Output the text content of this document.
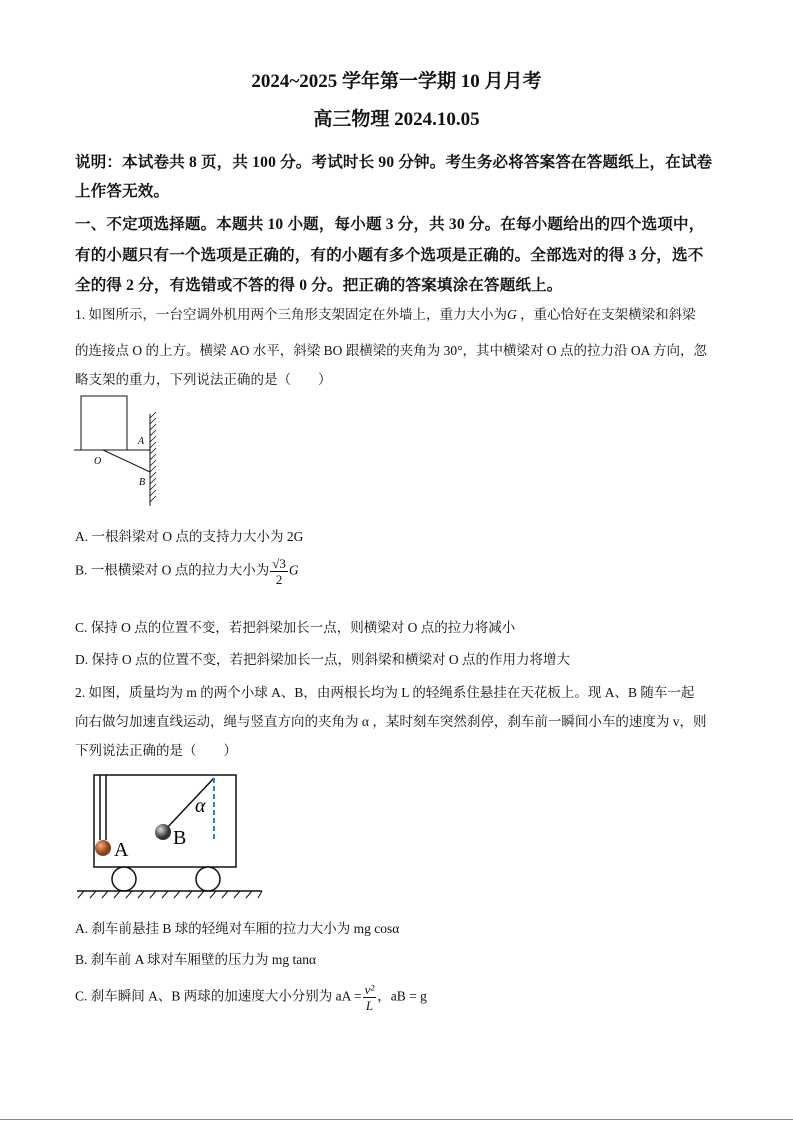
2024~2025 学年第一学期 10 月月考
高三物理 2024.10.05
说明：本试卷共 8 页，共 100 分。考试时长 90 分钟。考生务必将答案答在答题纸上，在试卷
上作答无效。
一、不定项选择题。本题共 10 小题，每小题 3 分，共 30 分。在每小题给出的四个选项中，
有的小题只有一个选项是正确的，有的小题有多个选项是正确的。全部选对的得 3 分，选不
全的得 2 分，有选错或不答的得 0 分。把正确的答案填涂在答题纸上。
1. 如图所示，一台空调外机用两个三角形支架固定在外墙上，重力大小为G ，重心恰好在支架横梁和斜梁
的连接点 O 的上方。横梁 AO 水平，斜梁 BO 跟横梁的夹角为 30°，其中横梁对 O 点的拉力沿 OA 方向，忽
略支架的重力，下列说法正确的是（　　）
A
O
B
A. 一根斜梁对 O 点的支持力大小为 2G
B. 一根横梁对 O 点的拉力大小为 $\frac{√3}{2}$ G
C. 保持 O 点的位置不变，若把斜梁加长一点，则横梁对 O 点的拉力将减小
D. 保持 O 点的位置不变，若把斜梁加长一点，则斜梁和横梁对 O 点的作用力将增大
2. 如图，质量均为 m 的两个小球 A、B，由两根长均为 L 的轻绳系住悬挂在天花板上。现 A、B 随车一起
向右做匀加速直线运动，绳与竖直方向的夹角为 α ，某时刻车突然刹停，刹车前一瞬间小车的速度为 v，则
下列说法正确的是（　　）
A
B
α
A. 刹车前悬挂 B 球的轻绳对车厢的拉力大小为 mg cosα
B. 刹车前 A 球对车厢壁的压力为 mg tanα
C. 刹车瞬间 A、B 两球的加速度大小分别为 aA = $\frac{\text{v²}}{L}$ ，aB = g
